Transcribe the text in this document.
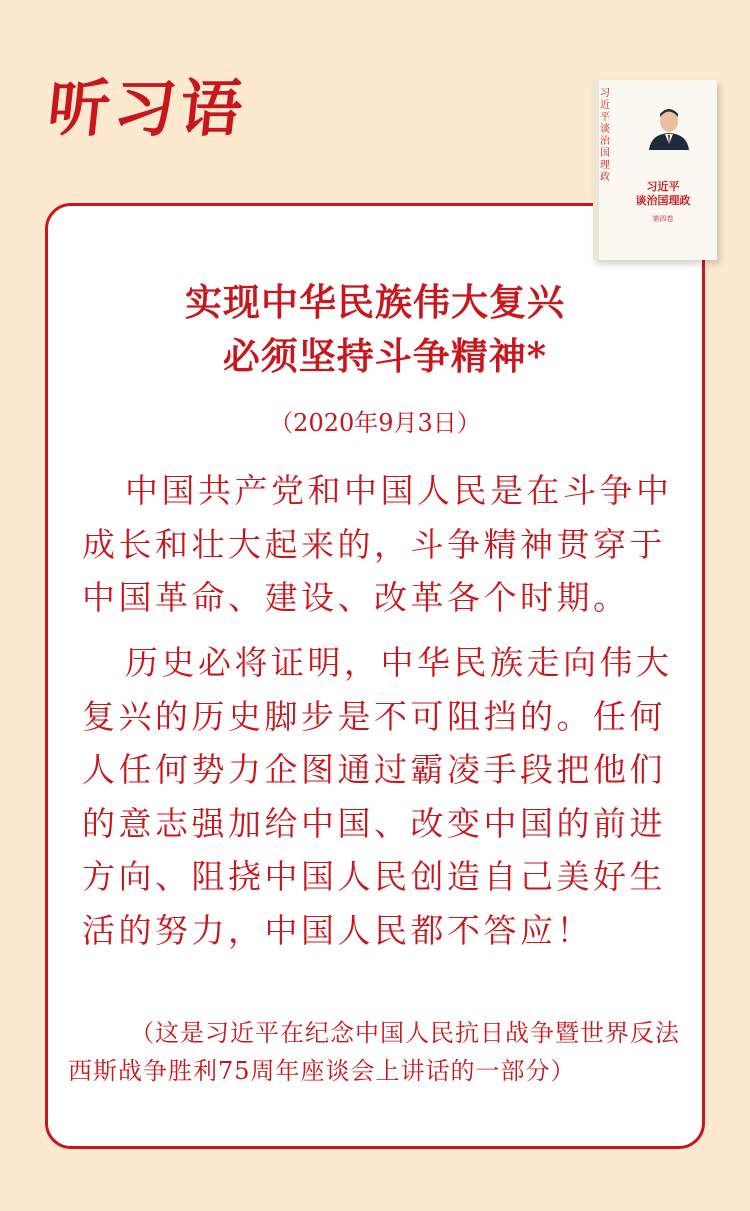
听习语	习近平谈治国理政
习近平
谈治国理政
第四卷
实现中华民族伟大复兴
必须坚持斗争精神*
（2020年9月3日）
中国共产党和中国人民是在斗争中成长和壮大起来的，斗争精神贯穿于中国革命、建设、改革各个时期。
历史必将证明，中华民族走向伟大复兴的历史脚步是不可阻挡的。任何人任何势力企图通过霸凌手段把他们的意志强加给中国、改变中国的前进方向、阻挠中国人民创造自己美好生活的努力，中国人民都不答应！
（这是习近平在纪念中国人民抗日战争暨世界反法西斯战争胜利75周年座谈会上讲话的一部分）
